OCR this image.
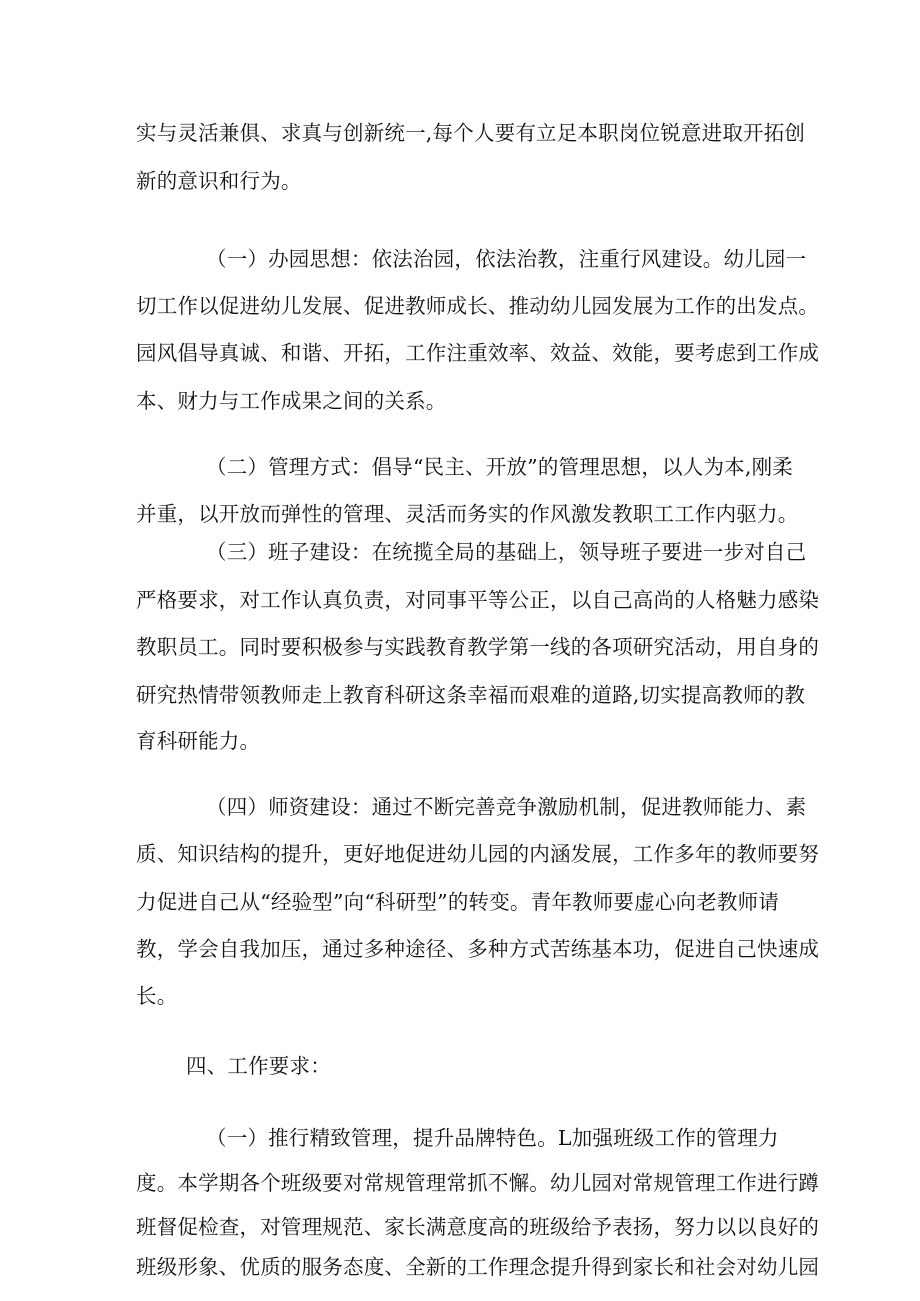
实与灵活兼俱、求真与创新统一,每个人要有立足本职岗位锐意进取开拓创
新的意识和行为。
（一）办园思想：依法治园，依法治教，注重行风建设。幼儿园一
切工作以促进幼儿发展、促进教师成长、推动幼儿园发展为工作的出发点。
园风倡导真诚、和谐、开拓，工作注重效率、效益、效能，要考虑到工作成
本、财力与工作成果之间的关系。
（二）管理方式：倡导“民主、开放”的管理思想，以人为本,刚柔
并重，以开放而弹性的管理、灵活而务实的作风激发教职工工作内驱力。
（三）班子建设：在统揽全局的基础上，领导班子要进一步对自己
严格要求，对工作认真负责，对同事平等公正，以自己高尚的人格魅力感染
教职员工。同时要积极参与实践教育教学第一线的各项研究活动，用自身的
研究热情带领教师走上教育科研这条幸福而艰难的道路,切实提高教师的教
育科研能力。
（四）师资建设：通过不断完善竞争激励机制，促进教师能力、素
质、知识结构的提升，更好地促进幼儿园的内涵发展，工作多年的教师要努
力促进自己从“经验型”向“科研型”的转变。青年教师要虚心向老教师请
教，学会自我加压，通过多种途径、多种方式苦练基本功，促进自己快速成
长。
四、工作要求：
（一）推行精致管理，提升品牌特色。L加强班级工作的管理力
度。本学期各个班级要对常规管理常抓不懈。幼儿园对常规管理工作进行蹲
班督促检查，对管理规范、家长满意度高的班级给予表扬，努力以以良好的
班级形象、优质的服务态度、全新的工作理念提升得到家长和社会对幼儿园
